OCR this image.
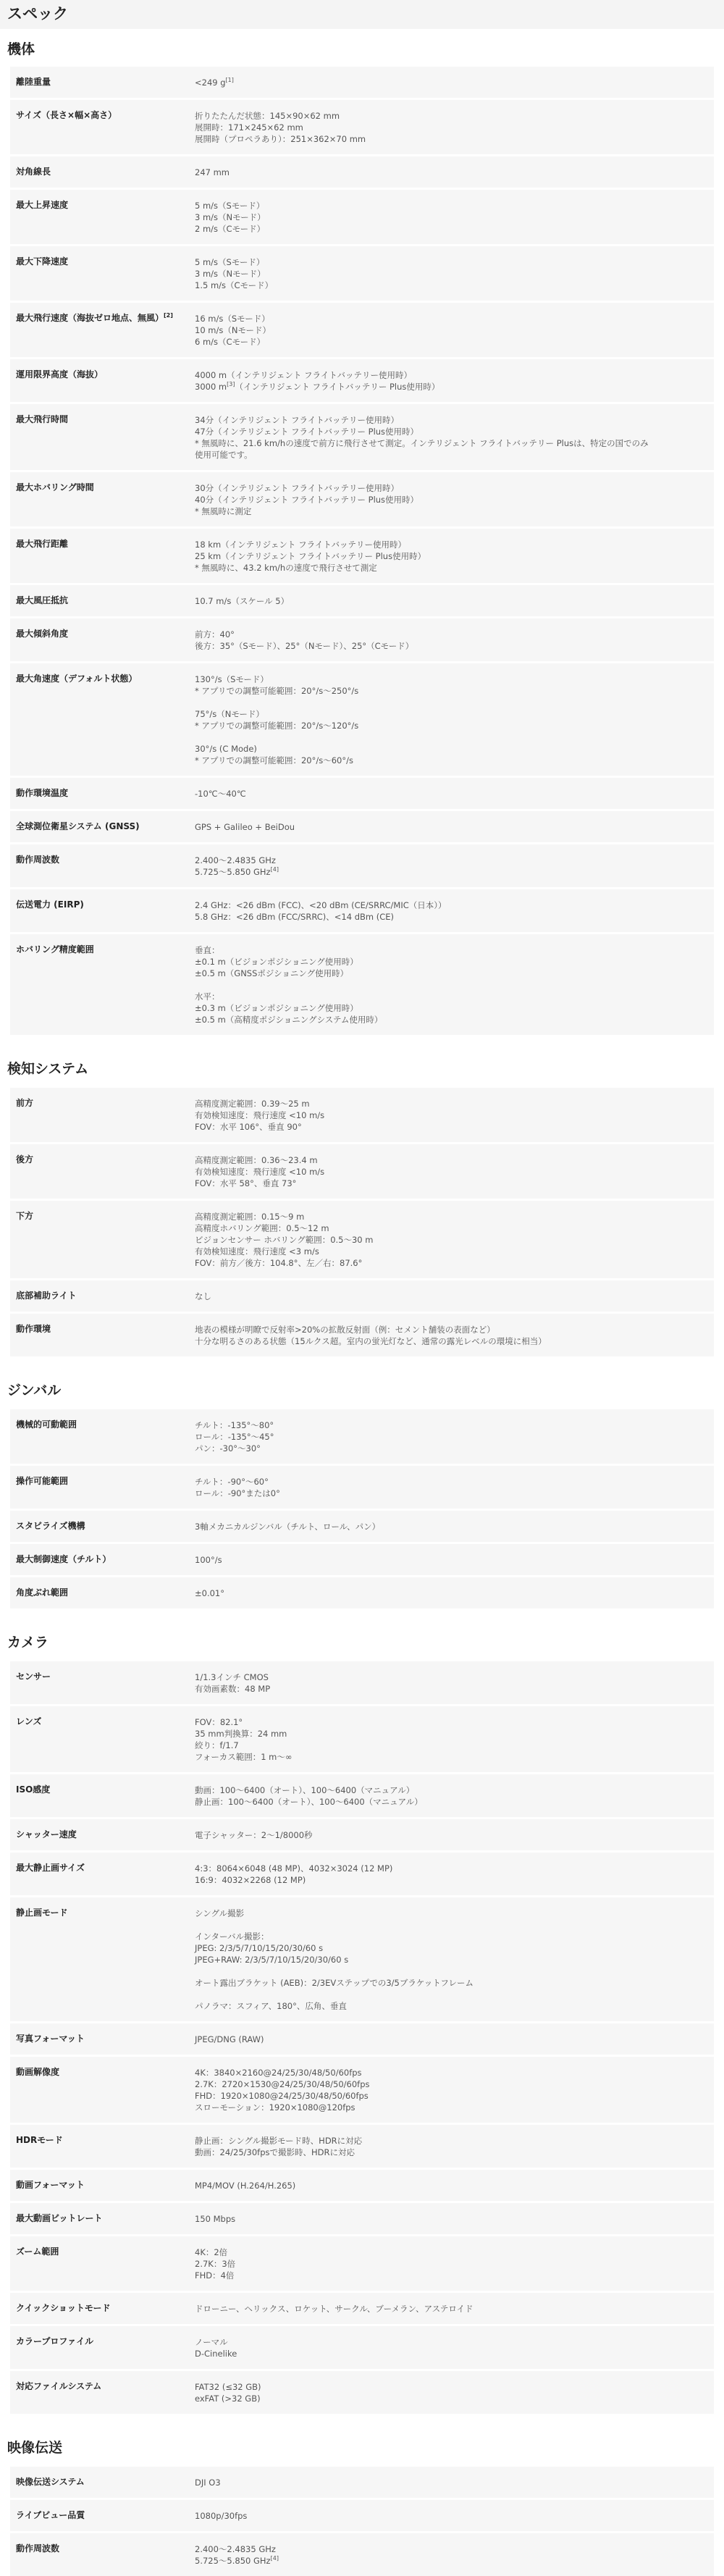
スペック
機体
離陸重量	<249 g[1]
サイズ（長さ×幅×高さ）	折りたたんだ状態：145×90×62 mm
展開時：171×245×62 mm
展開時（プロペラあり）：251×362×70 mm
対角線長	247 mm
最大上昇速度	5 m/s（Sモード）
3 m/s（Nモード）
2 m/s（Cモード）
最大下降速度	5 m/s（Sモード）
3 m/s（Nモード）
1.5 m/s（Cモード）
最大飛行速度（海抜ゼロ地点、無風）[2]	16 m/s（Sモード）
10 m/s（Nモード）
6 m/s（Cモード）
運用限界高度（海抜）	4000 m（インテリジェント フライトバッテリー使用時）
3000 m[3]（インテリジェント フライトバッテリー Plus使用時）
最大飛行時間	34分（インテリジェント フライトバッテリー使用時）
47分（インテリジェント フライトバッテリー Plus使用時）
* 無風時に、21.6 km/hの速度で前方に飛行させて測定。インテリジェント フライトバッテリー Plusは、特定の国でのみ
使用可能です。
最大ホバリング時間	30分（インテリジェント フライトバッテリー使用時）
40分（インテリジェント フライトバッテリー Plus使用時）
* 無風時に測定
最大飛行距離	18 km（インテリジェント フライトバッテリー使用時）
25 km（インテリジェント フライトバッテリー Plus使用時）
* 無風時に、43.2 km/hの速度で飛行させて測定
最大風圧抵抗	10.7 m/s（スケール 5）
最大傾斜角度	前方：40°
後方：35°（Sモード）、25°（Nモード）、25°（Cモード）
最大角速度（デフォルト状態）	130°/s（Sモード）
* アプリでの調整可能範囲：20°/s〜250°/s
75°/s（Nモード）
* アプリでの調整可能範囲：20°/s〜120°/s
30°/s (C Mode)
* アプリでの調整可能範囲：20°/s〜60°/s
動作環境温度	-10℃〜40℃
全球測位衛星システム (GNSS)	GPS + Galileo + BeiDou
動作周波数	2.400〜2.4835 GHz
5.725〜5.850 GHz[4]
伝送電力 (EIRP)	2.4 GHz：<26 dBm (FCC)、<20 dBm (CE/SRRC/MIC（日本））
5.8 GHz：<26 dBm (FCC/SRRC)、<14 dBm (CE)
ホバリング精度範囲	垂直：
±0.1 m（ビジョンポジショニング使用時）
±0.5 m（GNSSポジショニング使用時）
水平：
±0.3 m（ビジョンポジショニング使用時）
±0.5 m（高精度ポジショニングシステム使用時）
検知システム
前方	高精度測定範囲：0.39〜25 m
有効検知速度：飛行速度 <10 m/s
FOV：水平 106°、垂直 90°
後方	高精度測定範囲：0.36〜23.4 m
有効検知速度：飛行速度 <10 m/s
FOV：水平 58°、垂直 73°
下方	高精度測定範囲：0.15〜9 m
高精度ホバリング範囲：0.5〜12 m
ビジョンセンサー ホバリング範囲：0.5〜30 m
有効検知速度：飛行速度 <3 m/s
FOV：前方／後方：104.8°、左／右：87.6°
底部補助ライト	なし
動作環境	地表の模様が明瞭で反射率>20%の拡散反射面（例：セメント舗装の表面など）
十分な明るさのある状態（15ルクス超。室内の蛍光灯など、通常の露光レベルの環境に相当）
ジンバル
機械的可動範囲	チルト：-135°〜80°
ロール：-135°〜45°
パン：-30°〜30°
操作可能範囲	チルト：-90°〜60°
ロール：-90°または0°
スタビライズ機構	3軸メカニカルジンバル（チルト、ロール、パン）
最大制御速度（チルト）	100°/s
角度ぶれ範囲	±0.01°
カメラ
センサー	1/1.3インチ CMOS
有効画素数：48 MP
レンズ	FOV：82.1°
35 mm判換算：24 mm
絞り：f/1.7
フォーカス範囲：1 m〜∞
ISO感度	動画：100〜6400（オート）、100〜6400（マニュアル）
静止画：100〜6400（オート）、100〜6400（マニュアル）
シャッター速度	電子シャッター：2〜1/8000秒
最大静止画サイズ	4:3：8064×6048 (48 MP)、4032×3024 (12 MP)
16:9：4032×2268 (12 MP)
静止画モード	シングル撮影
インターバル撮影：
JPEG: 2/3/5/7/10/15/20/30/60 s
JPEG+RAW: 2/3/5/7/10/15/20/30/60 s
オート露出ブラケット (AEB)：2/3EVステップでの3/5ブラケットフレーム
パノラマ：スフィア、180°、広角、垂直
写真フォーマット	JPEG/DNG (RAW)
動画解像度	4K：3840×2160@24/25/30/48/50/60fps
2.7K：2720×1530@24/25/30/48/50/60fps
FHD：1920×1080@24/25/30/48/50/60fps
スローモーション：1920×1080@120fps
HDRモード	静止画：シングル撮影モード時、HDRに対応
動画：24/25/30fpsで撮影時、HDRに対応
動画フォーマット	MP4/MOV (H.264/H.265)
最大動画ビットレート	150 Mbps
ズーム範囲	4K：2倍
2.7K：3倍
FHD：4倍
クイックショットモード	ドローニー、ヘリックス、ロケット、サークル、ブーメラン、アステロイド
カラープロファイル	ノーマル
D-Cinelike
対応ファイルシステム	FAT32 (≤32 GB)
exFAT (>32 GB)
映像伝送
映像伝送システム	DJI O3
ライブビュー品質	1080p/30fps
動作周波数	2.400〜2.4835 GHz
5.725〜5.850 GHz[4]
